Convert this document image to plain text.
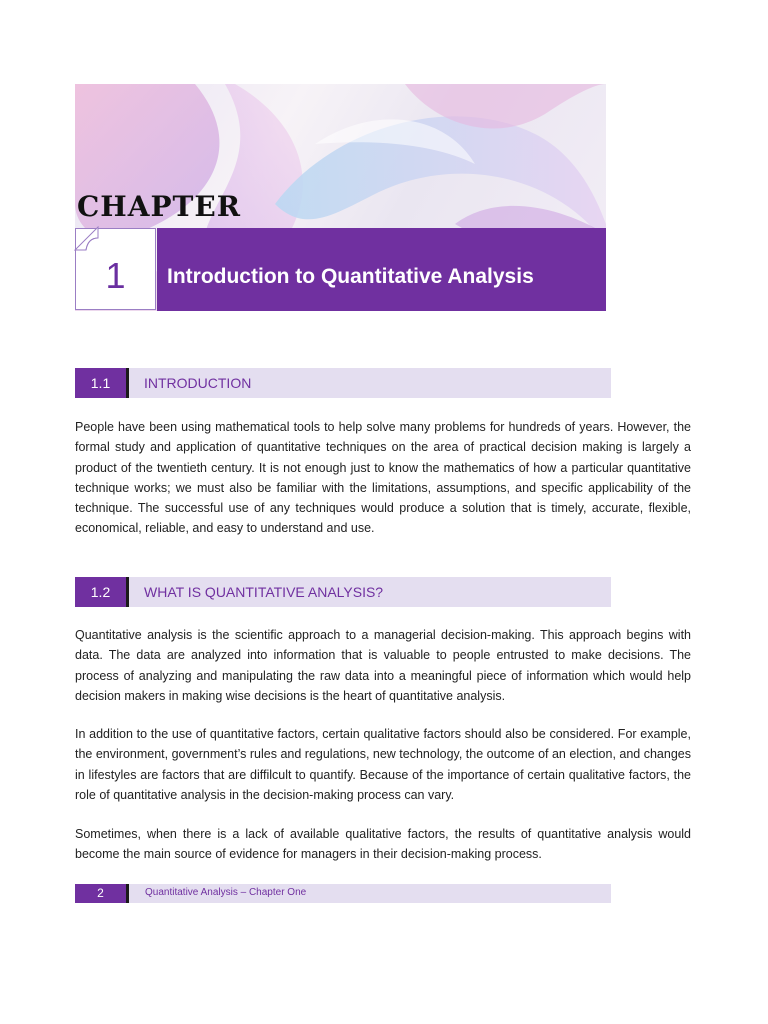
CHAPTER
1	Introduction to Quantitative Analysis
1.1	INTRODUCTION

People have been using mathematical tools to help solve many problems for hundreds of years. However, the formal study and application of quantitative techniques on the area of practical decision making is largely a product of the twentieth century. It is not enough just to know the mathematics of how a particular quantitative technique works; we must also be familiar with the limitations, assumptions, and specific applicability of the technique. The successful use of any techniques would produce a solution that is timely, accurate, flexible, economical, reliable, and easy to understand and use.

1.2	WHAT IS QUANTITATIVE ANALYSIS?

Quantitative analysis is the scientific approach to a managerial decision-making. This approach begins with data. The data are analyzed into information that is valuable to people entrusted to make decisions. The process of analyzing and manipulating the raw data into a meaningful piece of information which would help decision makers in making wise decisions is the heart of quantitative analysis.

In addition to the use of quantitative factors, certain qualitative factors should also be considered. For example, the environment, government’s rules and regulations, new technology, the outcome of an election, and changes in lifestyles are factors that are diffilcult to quantify. Because of the importance of certain qualitative factors, the role of quantitative analysis in the decision-making process can vary.

Sometimes, when there is a lack of available qualitative factors, the results of quantitative analysis would become the main source of evidence for managers in their decision-making process.

2	Quantitative Analysis – Chapter One
